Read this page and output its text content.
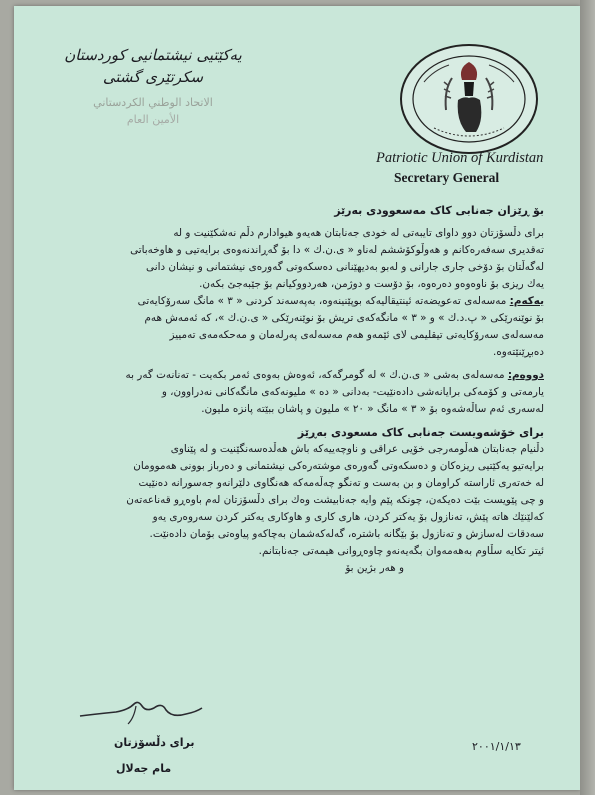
یەکێتیی نیشتمانیی کوردستان
سکرتێری گشتی
الاتحاد الوطني الكردستاني
الأمين العام
Patriotic Union of Kurdistan
Secretary General

بۆ ڕێزان جەنابی کاک مەسعوودی بەرێز

برای دڵسۆزتان دوو داوای تایبەتی لە خودی جەنابتان هەیەو هیوادارم دڵم نەشکێنیت و لە

تەقدیری سەفەرەکانم و هەوڵوکۆششم لەناو « ی.ن.ك » دا بۆ گەڕاندنەوەی برایەتیی و هاوخەباتی

لەگەڵتان بۆ دۆخی جاری جارانی و لەبو بەدیهێنانی دەسکەوتی گەورەی نیشتمانی و نیشان دانی

یەك ریزی بۆ ناوەوەو دەرەوە، بۆ دۆست و دوژمن، هەردووکیانم بۆ جێبەجێ بکەن.

یەکەم: مەسەلەی تەعویضەتە ئینتیقالیەکە بوپێنینەوە، بەپەسەند کردنی « ٣ » مانگ سەرۆکایەتی

بۆ نوێنەرێکی « پ.د.ك » و « ٣ » مانگەکەی تریش بۆ نوێنەرێکی « ی.ن.ك »، کە ئەمەش هەم

مەسەلەی سەرۆکایەتی تیقلیمی لای ئێمەو هەم مەسەلەی پەرلەمان و مەحکەمەی تەمییز

دەبڕێنێتەوە.

دووەم: مەسەلەی بەشی « ی.ن.ك » لە گومرگەکە، ئەوەش بەوەی ئەمر بکەیت - تەنانەت گەر بە

یارمەتی و کۆمەکی برایانەشی دادەنێیت- بەدانی « دە » ملیونەکەی مانگەکانی نەدراوون، و

لەسەری ئەم ساڵەشەوە بۆ « ٣ » مانگ « ٢٠ » ملیون و پاشان ببێتە پانزە ملیون.

برای خۆشەویست جەنابی کاک مسعودی بەڕێز

دڵنیام جەنابتان هەڵومەرجی خۆیی عراقی و ناوچەییەکە باش هەڵدەسەنگێنیت و لە پێناوی

برایەتیو یەکێتیی ریزەکان و دەسکەوتی گەورەی موشتەرەکی نیشتمانی و دەرباز بوونی هەموومان

لە خەتەری ئاراستە کراومان و بن بەست و تەنگو چەڵەمەکە هەنگاوی دلێرانەو جەسورانە دەنێیت

و چی پێویست بێت دەیکەن، چونکە پێم وایە جەنابیشت وەك برای دڵسۆزتان لەم باوەڕو قەناعەتەن

کەلێنێك هاتە پێش، تەنازول بۆ یەکتر کردن، هاری کاری و هاوکاری یەکتر کردن سەروەری یەو

سەدقات لەسازش و تەنازول بۆ بێگانە باشترە، گەلەکەشمان بەچاکەو پیاوەتی بۆمان دادەنێت.

ئیتر تکایە سڵاوم بەهەمەوان بگەیەنەو چاوەڕوانی هیمەتی جەنابتانم.

و هەر بژین بۆ

برای دڵسۆزتان
مام جەلال
٢٠٠١/١/١٣
